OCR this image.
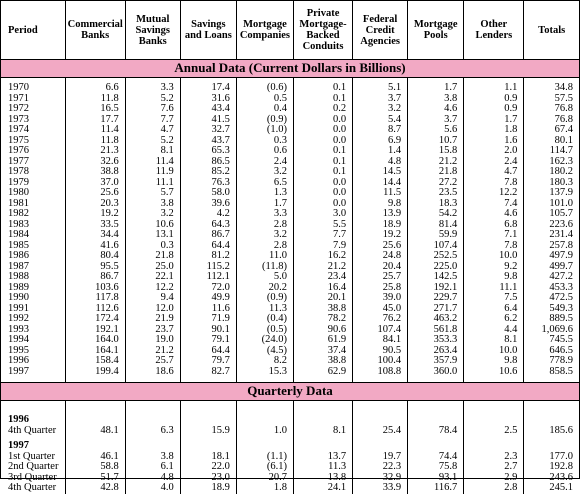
Period	Commercial Banks	Mutual Savings Banks	Savings and Loans	Mortgage Companies	Private Mortgage-Backed Conduits	Federal Credit Agencies	Mortgage Pools	Other Lenders	Totals
Annual Data (Current Dollars in Billions)									

1970	6.6	3.3	17.4	(0.6)	0.1	5.1	1.7	1.1	34.8
1971	11.8	5.2	31.6	0.5	0.1	3.7	3.8	0.9	57.5
1972	16.5	7.6	43.4	0.4	0.2	3.2	4.6	0.9	76.8
1973	17.7	7.7	41.5	(0.9)	0.0	5.4	3.7	1.7	76.8
1974	11.4	4.7	32.7	(1.0)	0.0	8.7	5.6	1.8	67.4
1975	11.8	5.2	43.7	0.3	0.0	6.9	10.7	1.6	80.1
1976	21.3	8.1	65.3	0.6	0.1	1.4	15.8	2.0	114.7
1977	32.6	11.4	86.5	2.4	0.1	4.8	21.2	2.4	162.3
1978	38.8	11.9	85.2	3.2	0.1	14.5	21.8	4.7	180.2
1979	37.0	11.1	76.3	6.5	0.0	14.4	27.2	7.8	180.3
1980	25.6	5.7	58.0	1.3	0.0	11.5	23.5	12.2	137.9
1981	20.3	3.8	39.6	1.7	0.0	9.8	18.3	7.4	101.0
1982	19.2	3.2	4.2	3.3	3.0	13.9	54.2	4.6	105.7
1983	33.5	10.6	64.3	2.8	5.5	18.9	81.4	6.8	223.6
1984	34.4	13.1	86.7	3.2	7.7	19.2	59.9	7.1	231.4
1985	41.6	0.3	64.4	2.8	7.9	25.6	107.4	7.8	257.8
1986	80.4	21.8	81.2	11.0	16.2	24.8	252.5	10.0	497.9
1987	95.5	25.0	115.2	(11.8)	21.2	20.4	225.0	9.2	499.7
1988	86.7	22.1	112.1	5.0	23.4	25.7	142.5	9.8	427.2
1989	103.6	12.2	72.0	20.2	16.4	25.8	192.1	11.1	453.3
1990	117.8	9.4	49.9	(0.9)	20.1	39.0	229.7	7.5	472.5
1991	112.6	12.0	11.6	11.3	38.8	45.0	271.7	6.4	549.3
1992	172.4	21.9	71.9	(0.4)	78.2	76.2	463.2	6.2	889.5
1993	192.1	23.7	90.1	(0.5)	90.6	107.4	561.8	4.4	1,069.6
1994	164.0	19.0	79.1	(24.0)	61.9	84.1	353.3	8.1	745.5
1995	164.1	21.2	64.4	(4.5)	37.4	90.5	263.4	10.0	646.5
1996	158.4	25.7	79.7	8.2	38.8	100.4	357.9	9.8	778.9
1997	199.4	18.6	82.7	15.3	62.9	108.8	360.0	10.6	858.5

Quarterly Data									

1996									
4th Quarter	48.1	6.3	15.9	1.0	8.1	25.4	78.4	2.5	185.6

1997									
1st Quarter	46.1	3.8	18.1	(1.1)	13.7	19.7	74.4	2.3	177.0
2nd Quarter	58.8	6.1	22.0	(6.1)	11.3	22.3	75.8	2.7	192.8
3rd Quarter	51.7	4.8	23.0	20.7	13.8	32.9	93.1	2.9	243.6
4th Quarter	42.8	4.0	18.9	1.8	24.1	33.9	116.7	2.8	245.1
